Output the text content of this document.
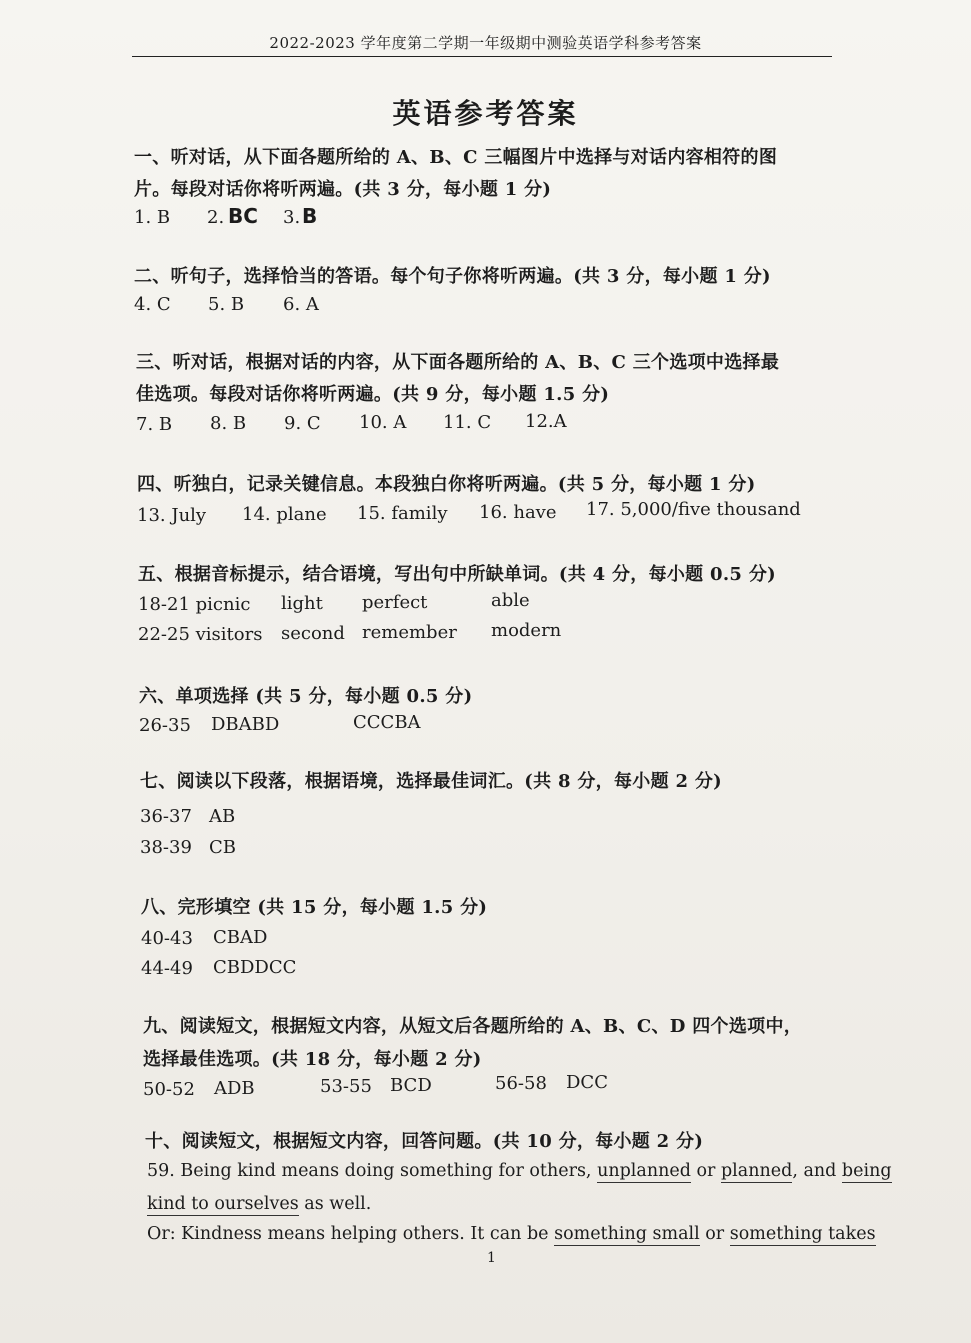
2022-2023 学年度第二学期一年级期中测验英语学科参考答案
英语参考答案
一、听对话，从下面各题所给的 A、B、C 三幅图片中选择与对话内容相符的图
片。每段对话你将听两遍。(共 3 分，每小题 1 分)
1. B 2. BC 3. B
二、听句子，选择恰当的答语。每个句子你将听两遍。(共 3 分，每小题 1 分)
4. C 5. B 6. A
三、听对话，根据对话的内容，从下面各题所给的 A、B、C 三个选项中选择最
佳选项。每段对话你将听两遍。(共 9 分，每小题 1.5 分)
7. B 8. B 9. C 10. A 11. C 12.A
四、听独白，记录关键信息。本段独白你将听两遍。(共 5 分，每小题 1 分)
13. July 14. plane 15. family 16. have 17. 5,000/five thousand
五、根据音标提示，结合语境，写出句中所缺单词。(共 4 分，每小题 0.5 分)
18-21 picnic light perfect	able
22-25 visitors second remember modern
六、单项选择 (共 5 分，每小题 0.5 分)
26-35 DBABD	CCCBA
七、阅读以下段落，根据语境，选择最佳词汇。(共 8 分，每小题 2 分)
36-37 AB
38-39 CB
八、完形填空 (共 15 分，每小题 1.5 分)
40-43 CBAD
44-49 CBDDCC
九、阅读短文，根据短文内容，从短文后各题所给的 A、B、C、D 四个选项中，
选择最佳选项。(共 18 分，每小题 2 分)
50-52 ADB	53-55 BCD	56-58 DCC
十、阅读短文，根据短文内容，回答问题。(共 10 分，每小题 2 分)
59. Being kind means doing something for others, unplanned or planned, and being
kind to ourselves as well.
Or: Kindness means helping others. It can be something small or something takes
1
